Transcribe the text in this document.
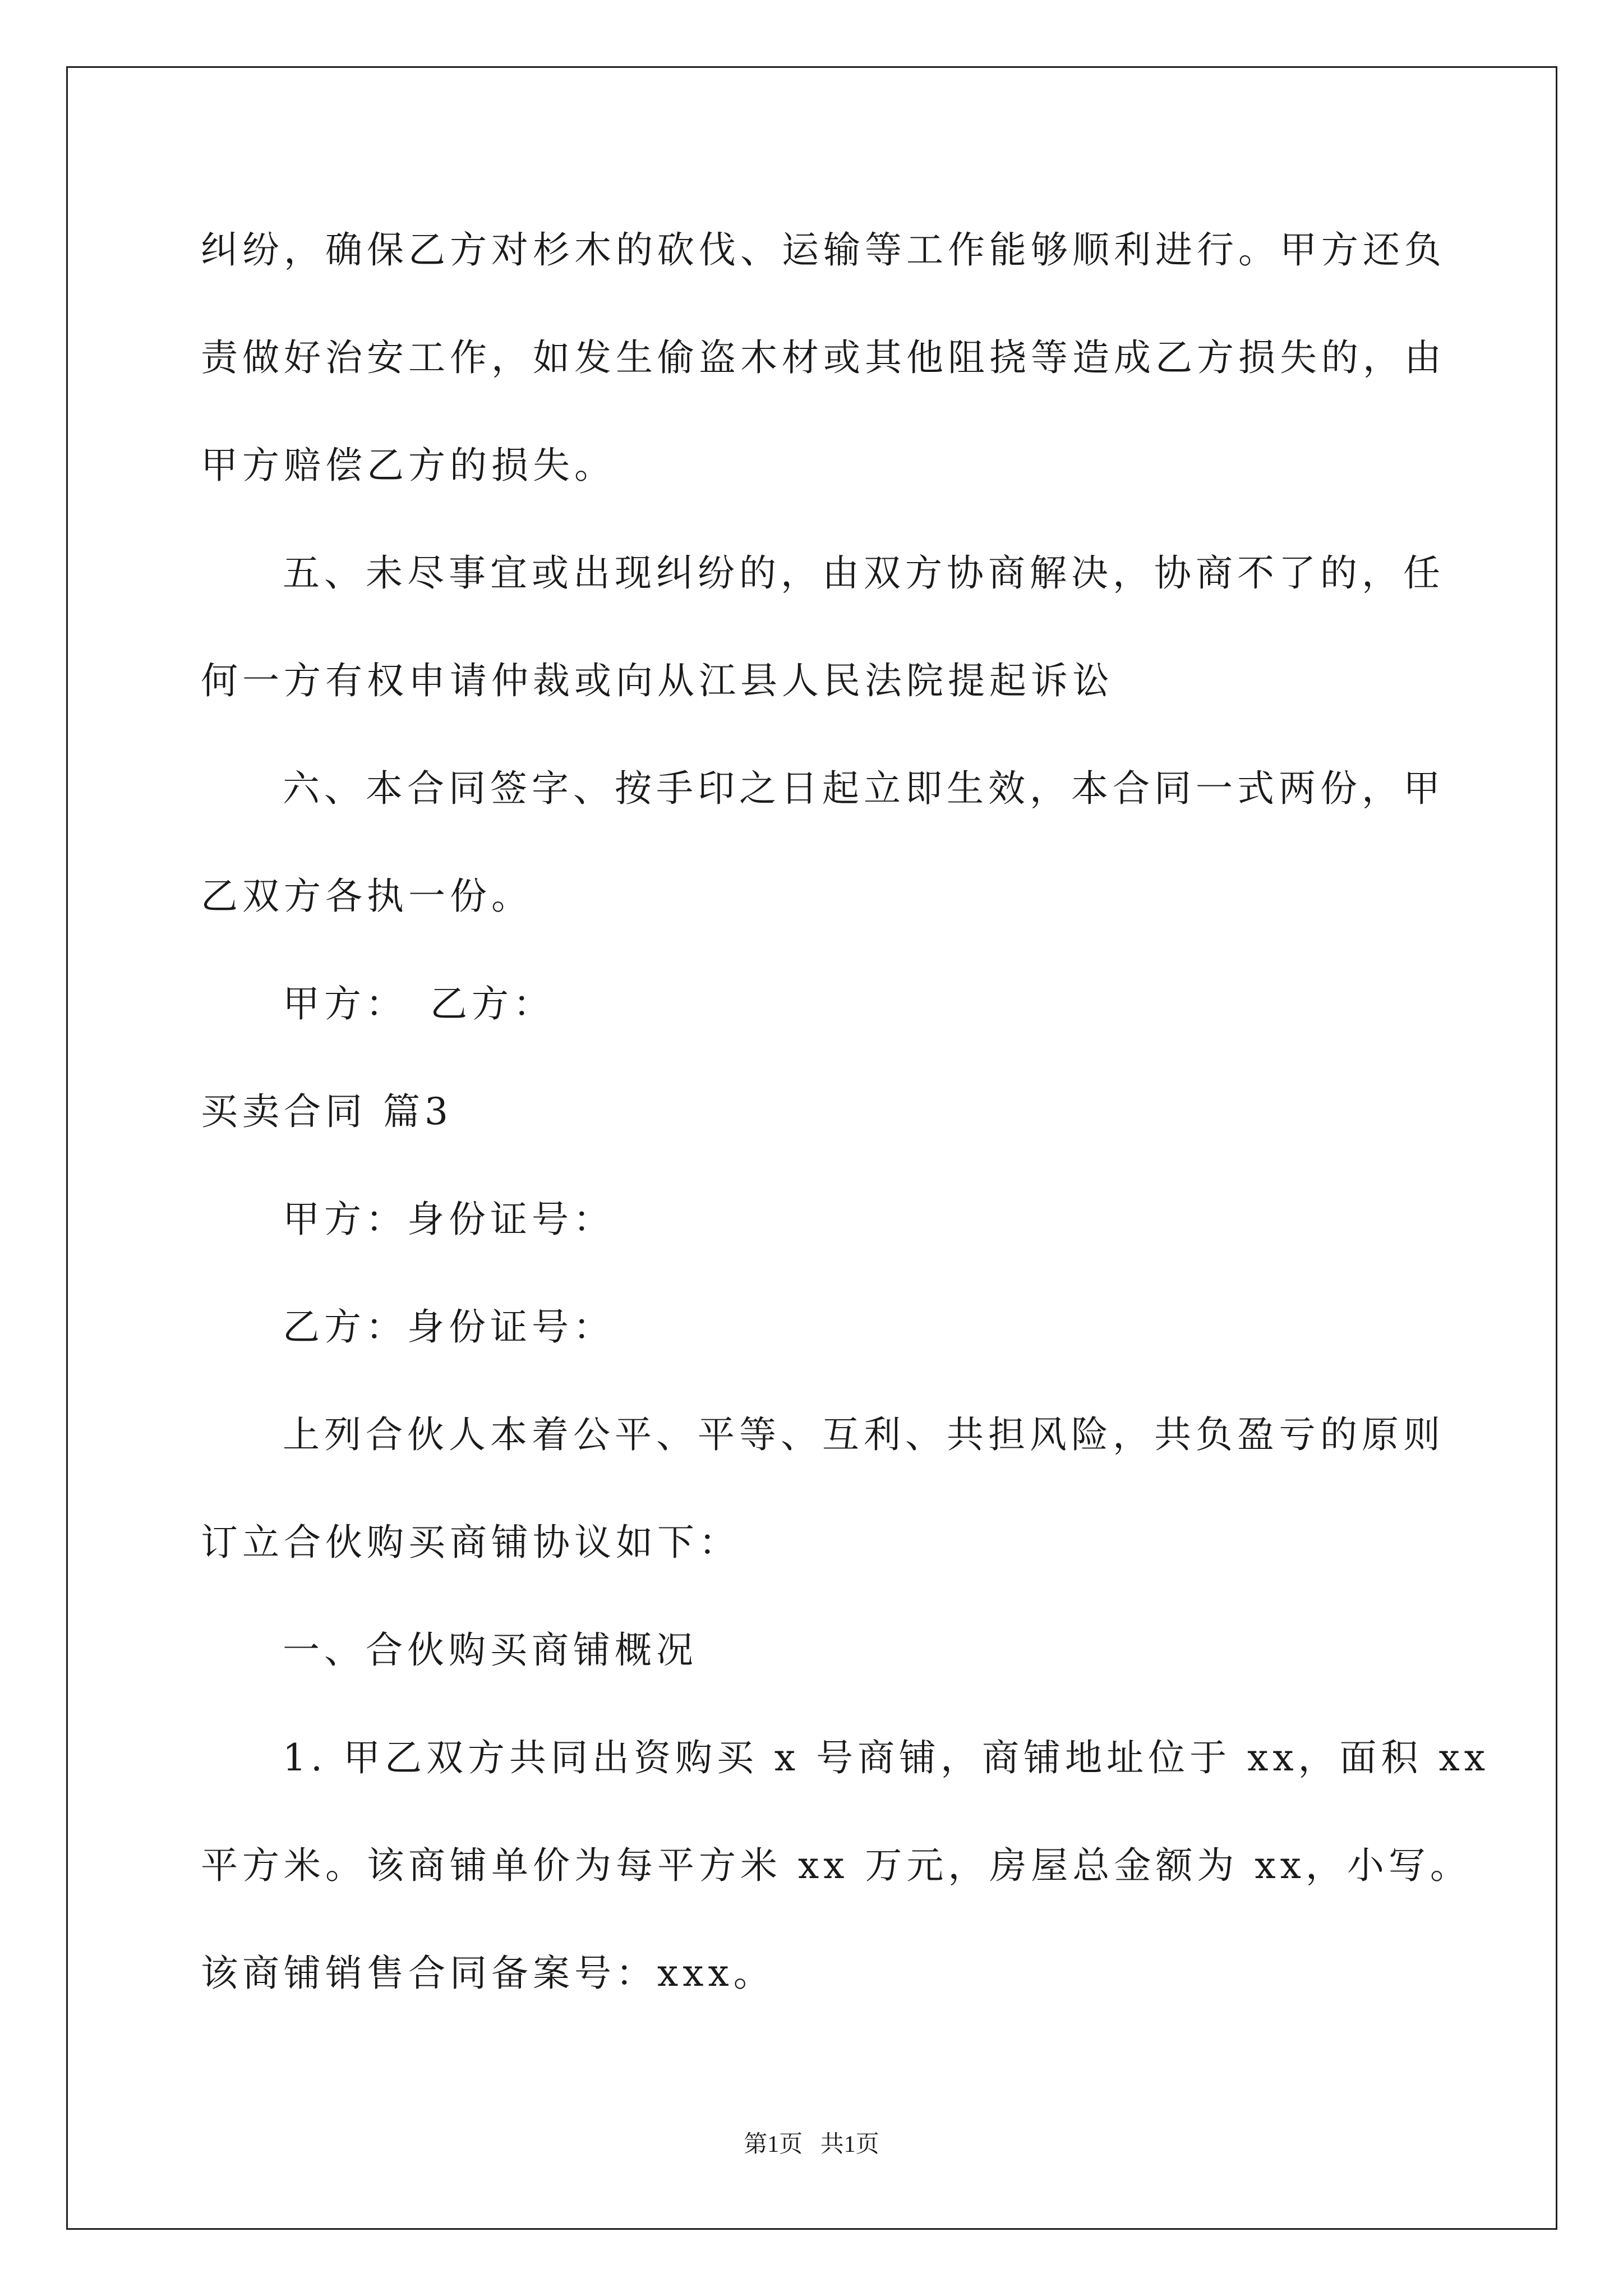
纠纷，确保乙方对杉木的砍伐、运输等工作能够顺利进行。甲方还负
责做好治安工作，如发生偷盗木材或其他阻挠等造成乙方损失的，由
甲方赔偿乙方的损失。
五、未尽事宜或出现纠纷的，由双方协商解决，协商不了的，任
何一方有权申请仲裁或向从江县人民法院提起诉讼
六、本合同签字、按手印之日起立即生效，本合同一式两份，甲
乙双方各执一份。
甲方：　乙方：
买卖合同 篇3
甲方：身份证号：
乙方：身份证号：
上列合伙人本着公平、平等、互利、共担风险，共负盈亏的原则
订立合伙购买商铺协议如下：
一、合伙购买商铺概况
1. 甲乙双方共同出资购买 x 号商铺，商铺地址位于 xx，面积 xx
平方米。该商铺单价为每平方米 xx 万元，房屋总金额为 xx，小写。
该商铺销售合同备案号：xxx。
第1页   共1页
